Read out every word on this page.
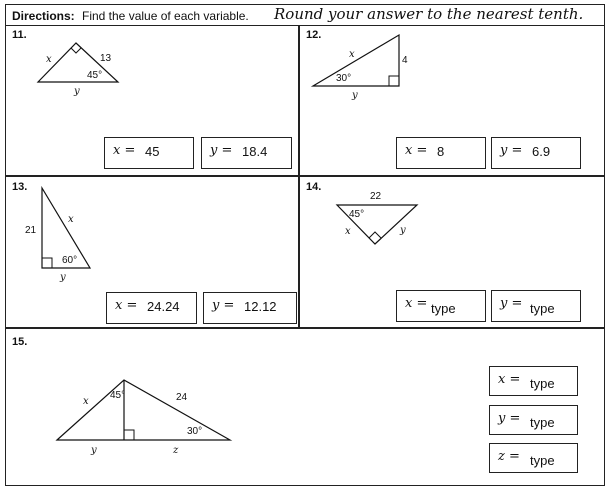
Directions: Find the value of each variable. Round your answer to the nearest tenth.
11.
x	13
45°
y
x = 45	y = 18.4
12.
x
4
30°
y
x = 8	y = 6.9
13.
21
x
60°
y
x = 24.24 y = 12.12
14.
22
45°
x	y
x = type	y = type
15.
x
45°	24
30°
y	z
x = type
y = type
z = type
